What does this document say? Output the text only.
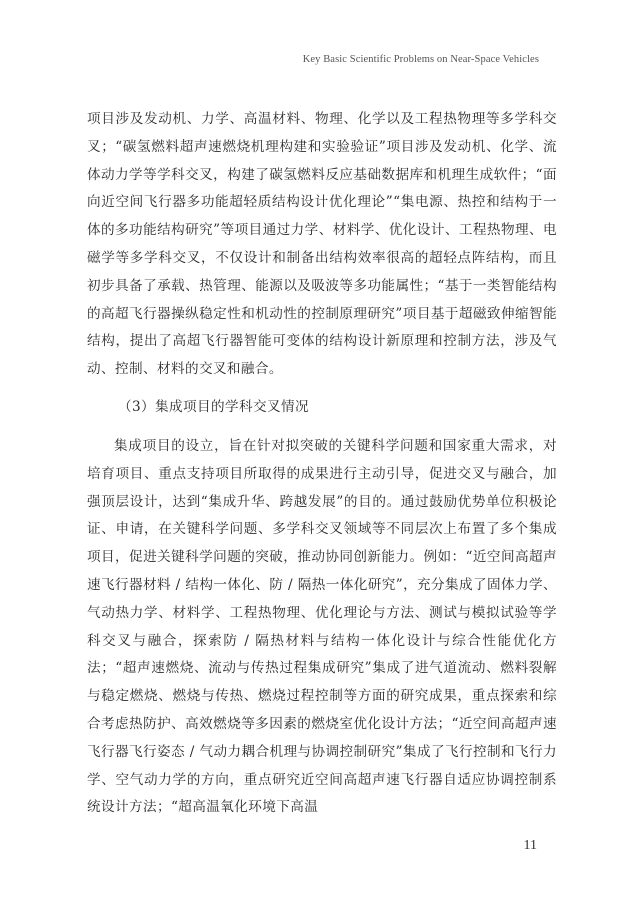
Key Basic Scientific Problems on Near-Space Vehicles
项目涉及发动机、力学、高温材料、物理、化学以及工程热物理等多学科交叉；“碳氢燃料超声速燃烧机理构建和实验验证”项目涉及发动机、化学、流体动力学等学科交叉，构建了碳氢燃料反应基础数据库和机理生成软件；“面向近空间飞行器多功能超轻质结构设计优化理论”“集电源、热控和结构于一体的多功能结构研究”等项目通过力学、材料学、优化设计、工程热物理、电磁学等多学科交叉，不仅设计和制备出结构效率很高的超轻点阵结构，而且初步具备了承载、热管理、能源以及吸波等多功能属性；“基于一类智能结构的高超飞行器操纵稳定性和机动性的控制原理研究”项目基于超磁致伸缩智能结构，提出了高超飞行器智能可变体的结构设计新原理和控制方法，涉及气动、控制、材料的交叉和融合。
（3）集成项目的学科交叉情况
集成项目的设立，旨在针对拟突破的关键科学问题和国家重大需求，对培育项目、重点支持项目所取得的成果进行主动引导，促进交叉与融合，加强顶层设计，达到“集成升华、跨越发展”的目的。通过鼓励优势单位积极论证、申请，在关键科学问题、多学科交叉领域等不同层次上布置了多个集成项目，促进关键科学问题的突破，推动协同创新能力。例如：“近空间高超声速飞行器材料 / 结构一体化、防 / 隔热一体化研究”，充分集成了固体力学、气动热力学、材料学、工程热物理、优化理论与方法、测试与模拟试验等学科交叉与融合，探索防 / 隔热材料与结构一体化设计与综合性能优化方法；“超声速燃烧、流动与传热过程集成研究”集成了进气道流动、燃料裂解与稳定燃烧、燃烧与传热、燃烧过程控制等方面的研究成果，重点探索和综合考虑热防护、高效燃烧等多因素的燃烧室优化设计方法；“近空间高超声速飞行器飞行姿态 / 气动力耦合机理与协调控制研究”集成了飞行控制和飞行力学、空气动力学的方向，重点研究近空间高超声速飞行器自适应协调控制系统设计方法；“超高温氧化环境下高温
11
